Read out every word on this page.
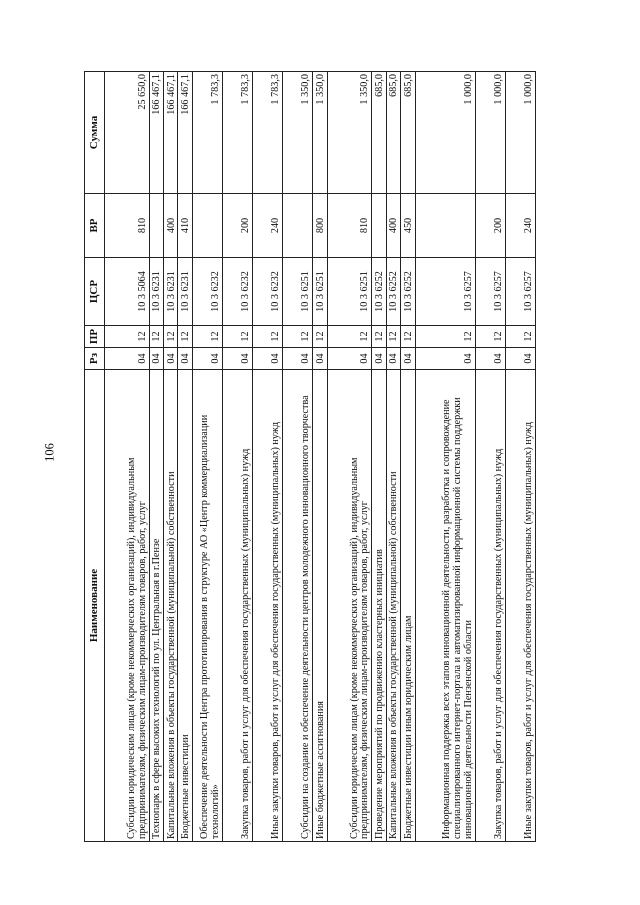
106
Наименование	Рз	ПР	ЦСР	ВР	Сумма
Субсидии юридическим лицам (кроме некоммерческих организаций), индивидуальным предпринимателям, физическим лицам-производителям товаров, работ, услуг	04	12	10 3 5064	810	25 650,0
Технопарк в сфере высоких технологий по ул. Центральная в г.Пензе	04	12	10 3 6231		166 467,1
Капитальные вложения в объекты государственной (муниципальной) собственности	04	12	10 3 6231	400	166 467,1
Бюджетные инвестиции	04	12	10 3 6231	410	166 467,1
Обеспечение деятельности Центра прототипирования в структуре АО «Центр коммерциализации технологий»	04	12	10 3 6232		1 783,3
Закупка товаров, работ и услуг для обеспечения государственных (муниципальных) нужд	04	12	10 3 6232	200	1 783,3
Иные закупки товаров, работ и услуг для обеспечения государственных (муниципальных) нужд	04	12	10 3 6232	240	1 783,3
Субсидии на создание и обеспечение деятельности центров молодежного инновационного творчества	04	12	10 3 6251		1 350,0
Иные бюджетные ассигнования	04	12	10 3 6251	800	1 350,0
Субсидии юридическим лицам (кроме некоммерческих организаций), индивидуальным предпринимателям, физическим лицам-производителям товаров, работ, услуг	04	12	10 3 6251	810	1 350,0
Проведение мероприятий по продвижению кластерных инициатив	04	12	10 3 6252		685,0
Капитальные вложения в объекты государственной (муниципальной) собственности	04	12	10 3 6252	400	685,0
Бюджетные инвестиции иным юридическим лицам	04	12	10 3 6252	450	685,0
Информационная поддержка всех этапов инновационной деятельности, разработка и сопровождение специализированного интернет-портала и автоматизированной информационной системы поддержки инновационной деятельности Пензенской области	04	12	10 3 6257		1 000,0
Закупка товаров, работ и услуг для обеспечения государственных (муниципальных) нужд	04	12	10 3 6257	200	1 000,0
Иные закупки товаров, работ и услуг для обеспечения государственных (муниципальных) нужд	04	12	10 3 6257	240	1 000,0
